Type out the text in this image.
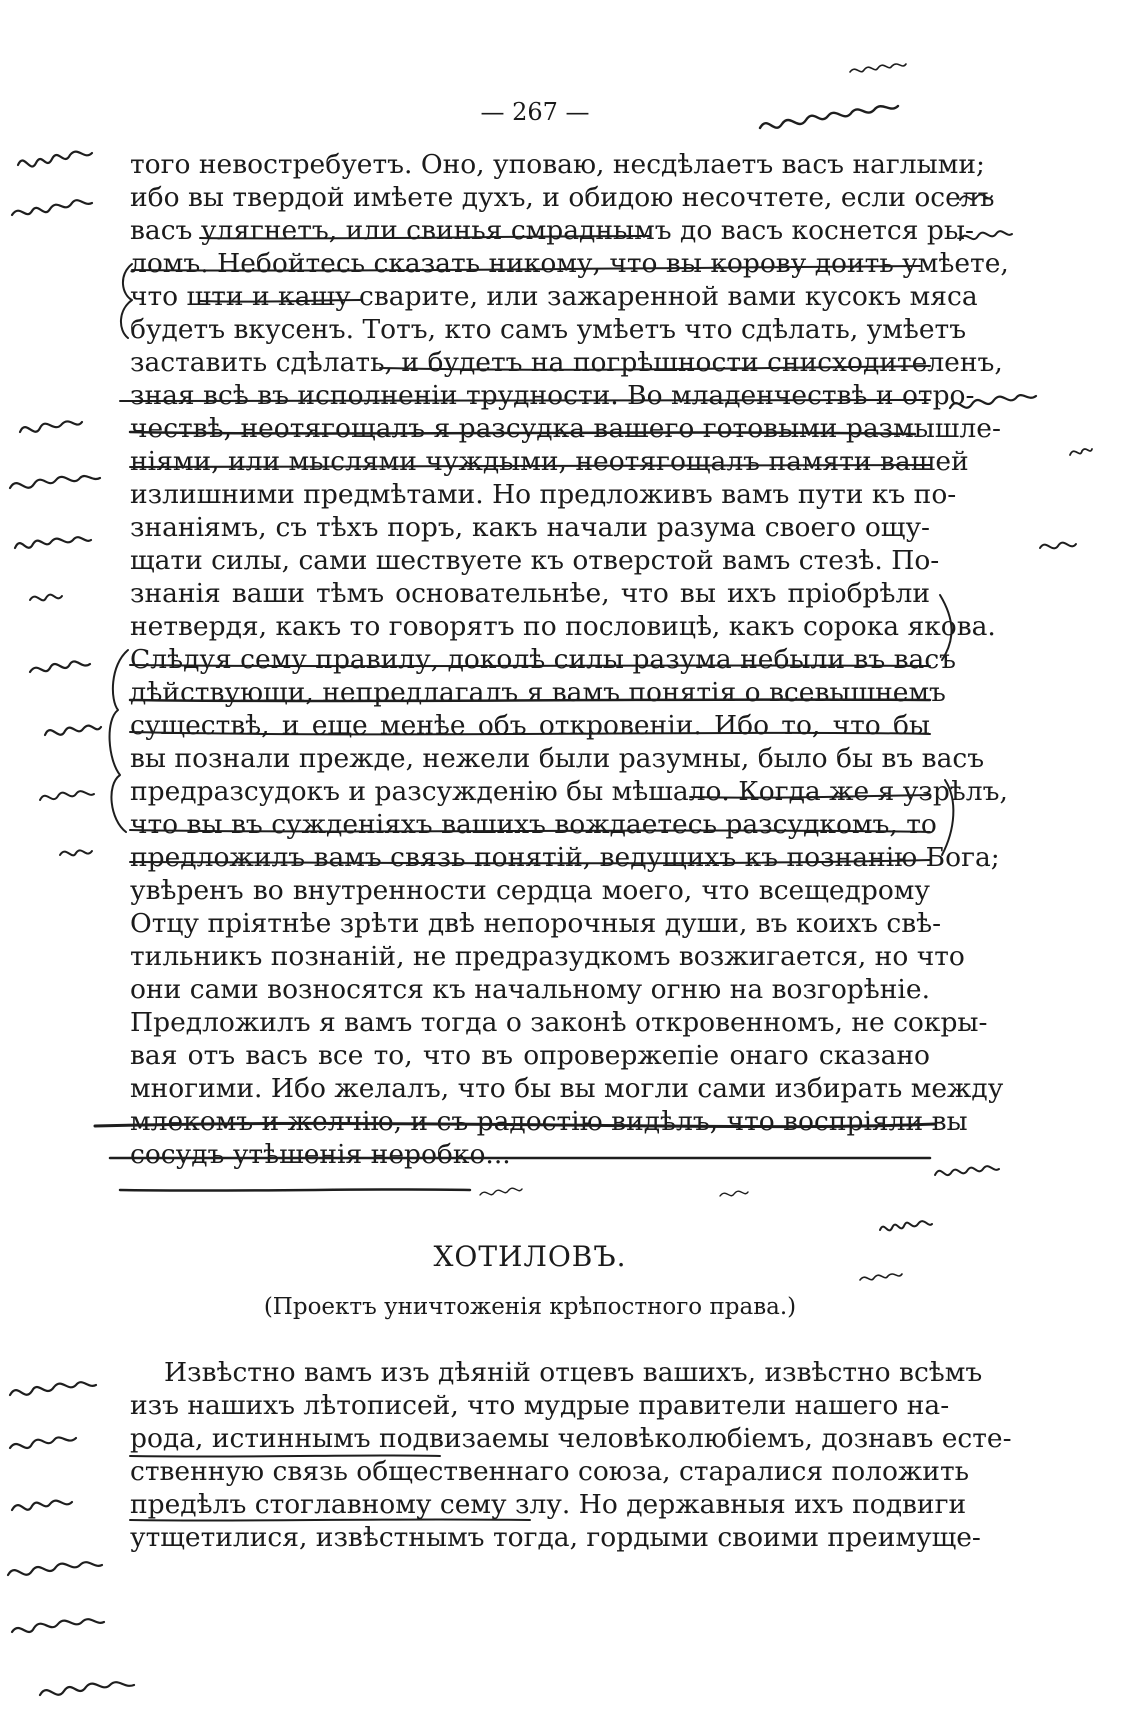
— 267 —
того невостребуетъ. Оно, уповаю, несдѣлаетъ васъ наглыми;
ибо вы твердой имѣете духъ, и обидою несочтете, если оселъ
васъ улягнетъ, или свинья смраднымъ до васъ коснется ры-
ломъ. Небойтесь сказать никому, что вы корову доить умѣете,
что шти и кашу сварите, или зажаренной вами кусокъ мяса
будетъ вкусенъ. Тотъ, кто самъ умѣетъ что сдѣлать, умѣетъ
заставить сдѣлать, и будетъ на погрѣшности снисходителенъ,
зная всѣ въ исполненіи трудности. Во младенчествѣ и отро-
чествѣ, неотягощалъ я разсудка вашего готовыми размышле-
ніями, или мыслями чуждыми, неотягощалъ памяти вашей
излишними предмѣтами. Но предложивъ вамъ пути къ по-
знаніямъ, съ тѣхъ поръ, какъ начали разума своего ощу-
щати силы, сами шествуете къ отверстой вамъ стезѣ. По-
знанія ваши тѣмъ основательнѣе, что вы ихъ пріобрѣли
нетвердя, какъ то говорятъ по пословицѣ, какъ сорока якова.
Слѣдуя сему правилу, доколѣ силы разума небыли въ васъ
дѣйствующи, непредлагалъ я вамъ понятія о всевышнемъ
существѣ, и еще менѣе объ откровеніи. Ибо то, что бы
вы познали прежде, нежели были разумны, было бы въ васъ
предразсудокъ и разсужденію бы мѣшало. Когда же я узрѣлъ,
что вы въ сужденіяхъ вашихъ вождаетесь разсудкомъ, то
предложилъ вамъ связь понятій, ведущихъ къ познанію Бога;
увѣренъ во внутренности сердца моего, что всещедрому
Отцу пріятнѣе зрѣти двѣ непорочныя души, въ коихъ свѣ-
тильникъ познаній, не предразудкомъ возжигается, но что
они сами возносятся къ начальному огню на возгорѣніе.
Предложилъ я вамъ тогда о законѣ откровенномъ, не сокры-
вая отъ васъ все то, что въ опровержепіе онаго сказано
многими. Ибо желалъ, что бы вы могли сами избирать между
млекомъ и желчію, и съ радостію видѣлъ, что воспріяли вы
сосудъ утѣшенія неробко...
ХОТИЛОВЪ.
(Проектъ уничтоженія крѣпостного права.)
Извѣстно вамъ изъ дѣяній отцевъ вашихъ, извѣстно всѣмъ
изъ нашихъ лѣтописей, что мудрые правители нашего на-
рода, истиннымъ подвизаемы человѣколюбіемъ, дознавъ есте-
ственную связь общественнаго союза, старалися положить
предѣлъ стоглавному сему злу. Но державныя ихъ подвиги
утщетилися, извѣстнымъ тогда, гордыми своими преимуще-
